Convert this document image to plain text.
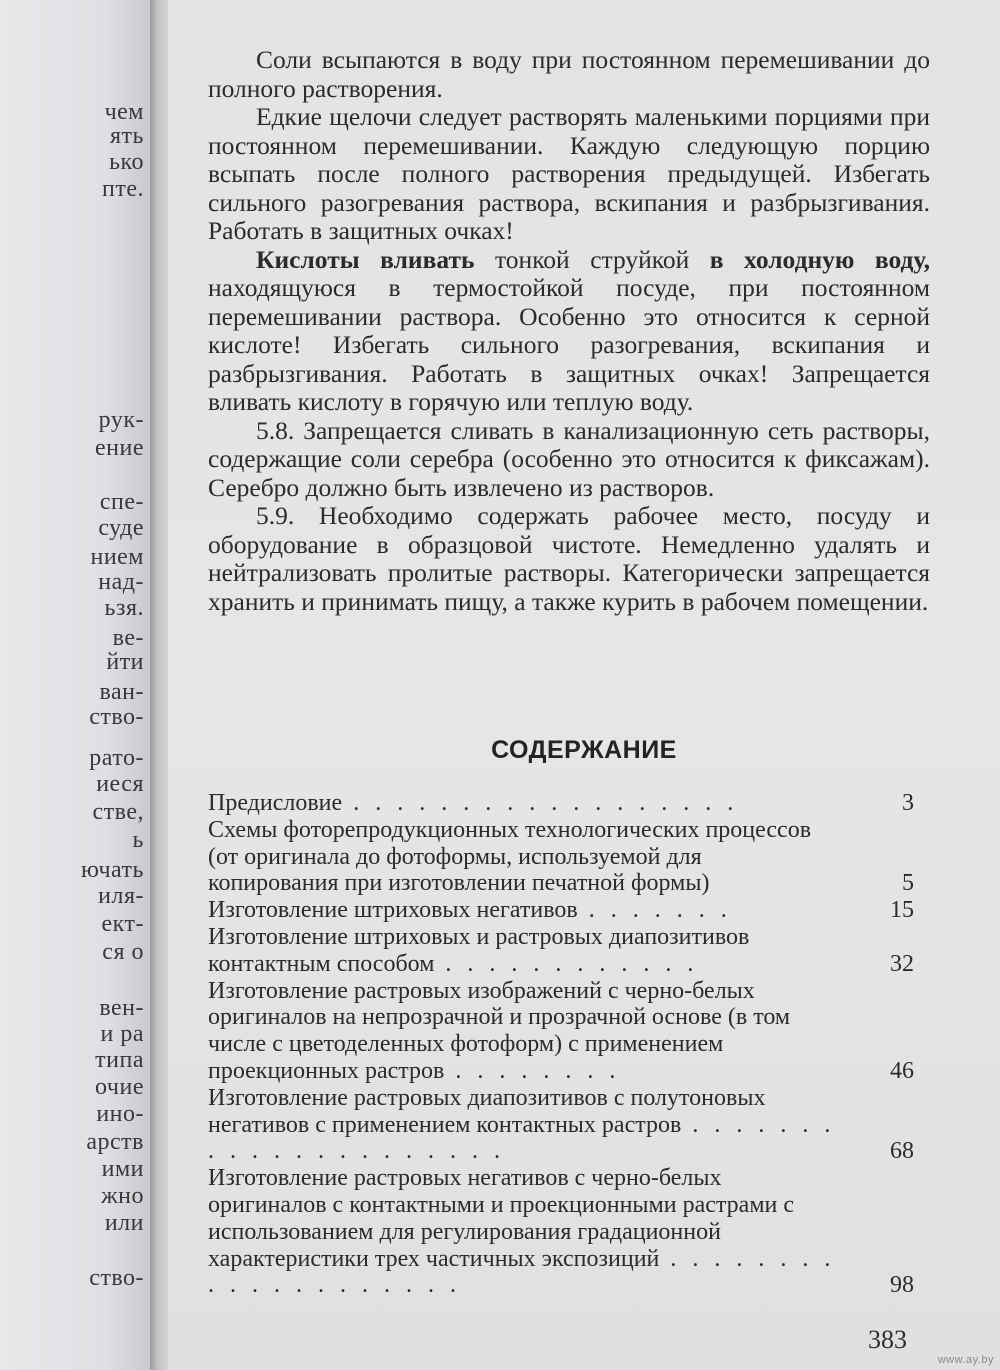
чем
ять
ько
пте.
рук-
ение
спе-
суде
нием
над-
ьзя.
ве-
йти
ван-
ство-
рато-
иеся
стве,
ь
ючать
иля-
ект-
ся о
вен-
и ра
типа
очие
ино-
арств
ими
жно
или
ство-

Соли всыпаются в воду при постоянном перемешивании до полного растворения.

Едкие щелочи следует растворять маленькими порциями при постоянном перемешивании. Каждую следующую порцию всыпать после полного растворения предыдущей. Избегать сильного разогревания раствора, вскипания и разбрызгивания. Работать в защитных очках!

Кислоты вливать тонкой струйкой в холодную воду, находящуюся в термостойкой посуде, при постоянном перемешивании раствора. Особенно это относится к серной кислоте! Избегать сильного разогревания, вскипания и разбрызгивания. Работать в защитных очках! Запрещается вливать кислоту в горячую или теплую воду.

5.8. Запрещается сливать в канализационную сеть растворы, содержащие соли серебра (особенно это относится к фиксажам). Серебро должно быть извлечено из растворов.

5.9. Необходимо содержать рабочее место, посуду и оборудование в образцовой чистоте. Немедленно удалять и нейтрализовать пролитые растворы. Категорически запрещается хранить и принимать пищу, а также курить в рабочем помещении.

СОДЕРЖАНИЕ

Предисловие . . . . . . . . . . . . . . . . . .	3

Схемы фоторепродукционных технологических процессов (от оригинала до фотоформы, используемой для копирования при изготовлении печатной формы)	5

Изготовление штриховых негативов . . . . . . .	15

Изготовление штриховых и растровых диапозитивов контактным способом . . . . . . . . . . . .	32

Изготовление растровых изображений с черно-белых оригиналов на непрозрачной и прозрачной основе (в том числе с цветоделенных фотоформ) с применением проекционных растров . . . . . . . .	46

Изготовление растровых диапозитивов с полутоновых негативов с применением контактных растров . . . . . . . . . . . . . . . . . . . . .	68

Изготовление растровых негативов с черно-белых оригиналов с контактными и проекционными растрами с использованием для регулирования градационной характеристики трех частичных экспозиций . . . . . . . . . . . . . . . . . . . .	98

383
www.ay.by
